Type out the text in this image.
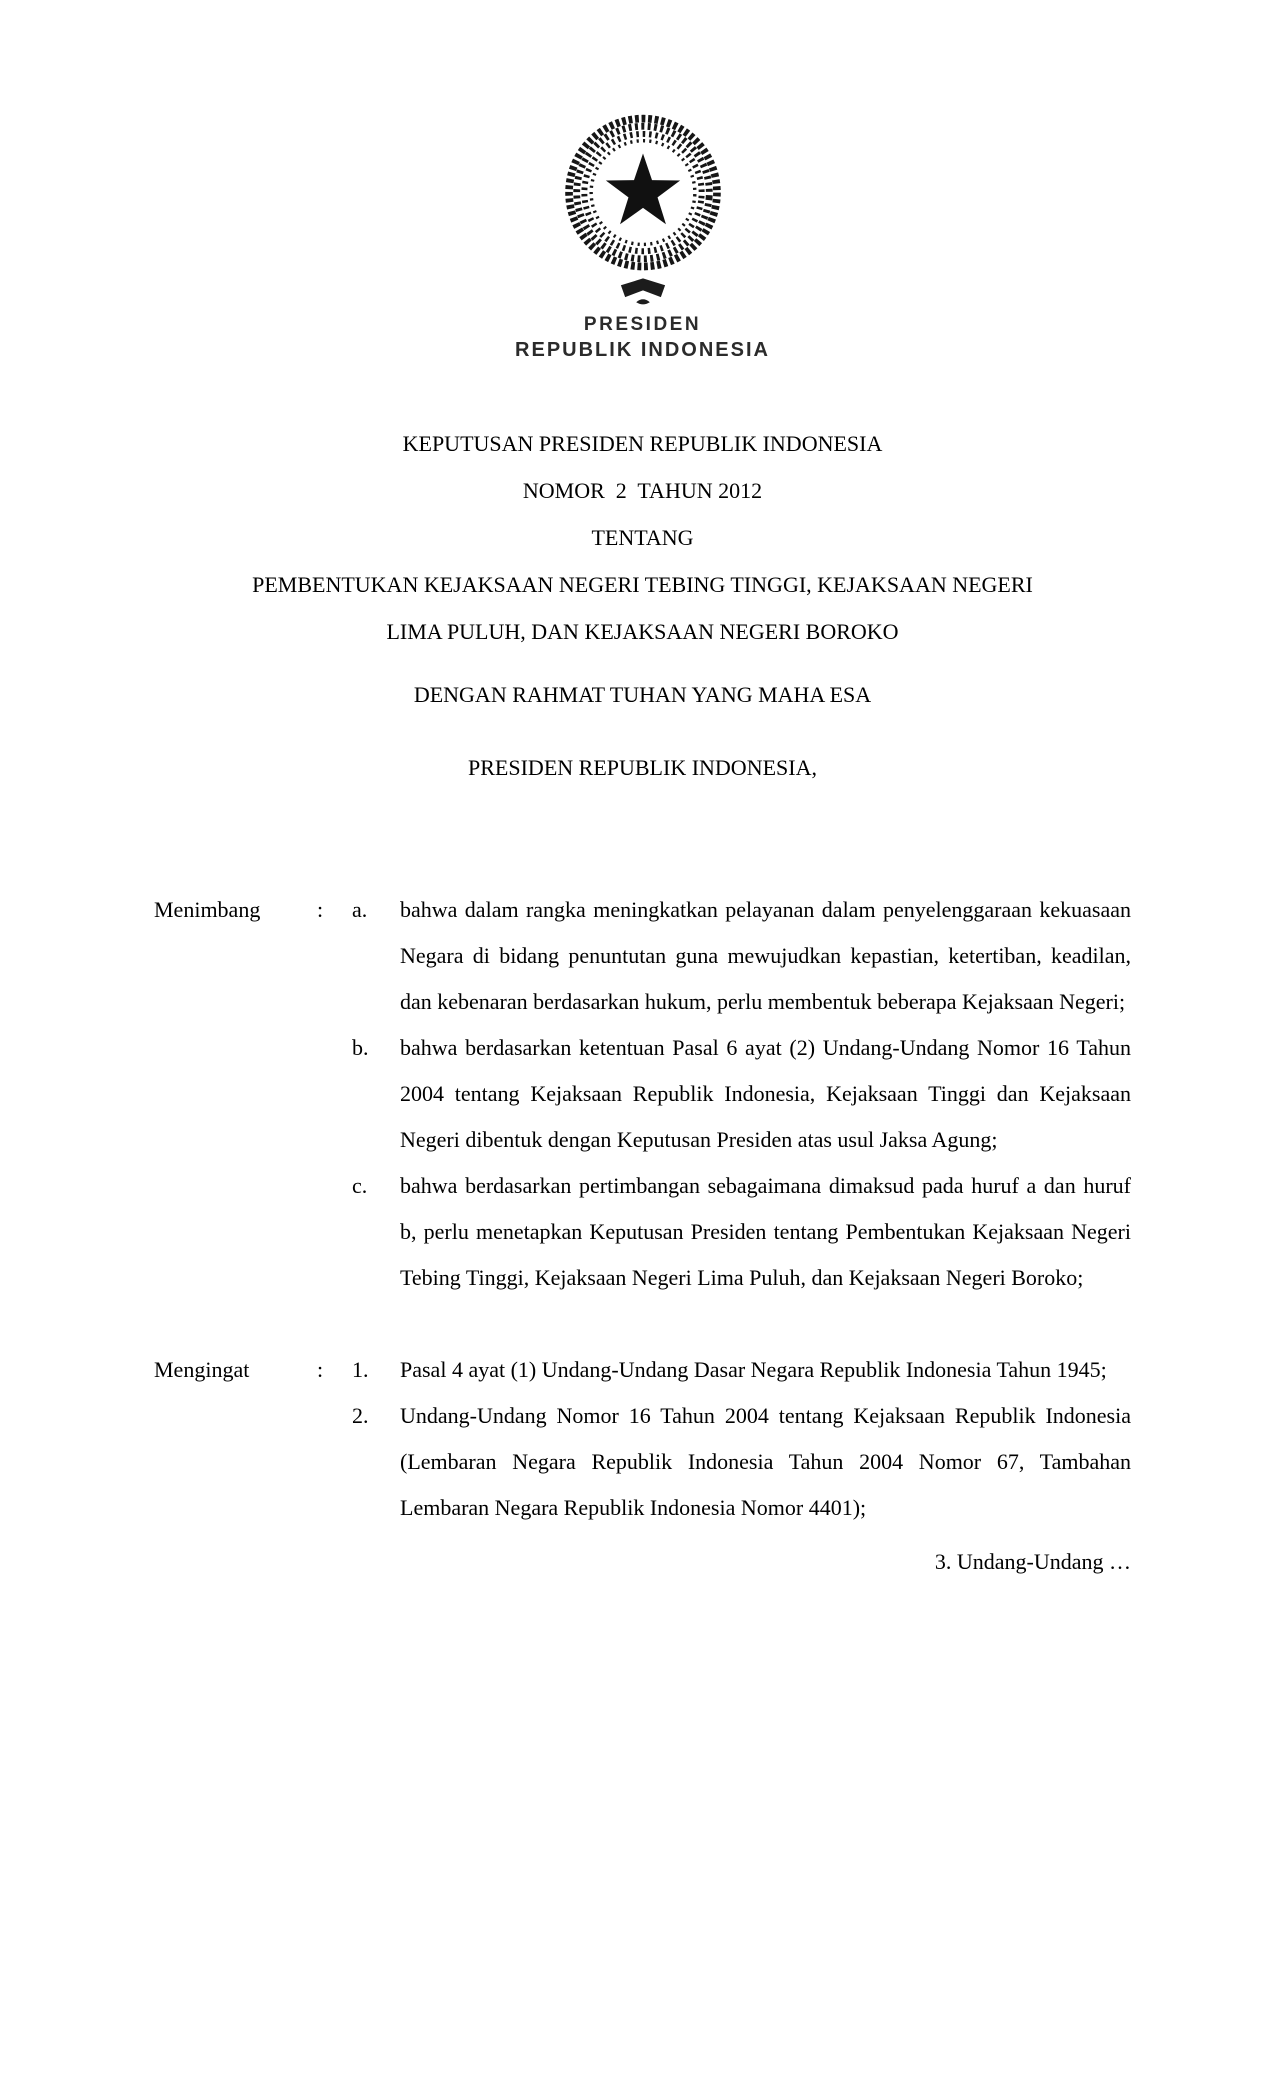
PRESIDEN
REPUBLIK INDONESIA
KEPUTUSAN PRESIDEN REPUBLIK INDONESIA
NOMOR  2  TAHUN 2012
TENTANG
PEMBENTUKAN KEJAKSAAN NEGERI TEBING TINGGI, KEJAKSAAN NEGERI
LIMA PULUH, DAN KEJAKSAAN NEGERI BOROKO
DENGAN RAHMAT TUHAN YANG MAHA ESA
PRESIDEN REPUBLIK INDONESIA,
Menimbang	:	a.	bahwa dalam rangka meningkatkan pelayanan dalam penyelenggaraan kekuasaan Negara di bidang penuntutan guna mewujudkan kepastian, ketertiban, keadilan, dan kebenaran berdasarkan hukum, perlu membentuk beberapa Kejaksaan Negeri;
b.	bahwa berdasarkan ketentuan Pasal 6 ayat (2) Undang-Undang Nomor 16 Tahun 2004 tentang Kejaksaan Republik Indonesia, Kejaksaan Tinggi dan Kejaksaan Negeri dibentuk dengan Keputusan Presiden atas usul Jaksa Agung;
c.	bahwa berdasarkan pertimbangan sebagaimana dimaksud pada huruf a dan huruf b, perlu menetapkan Keputusan Presiden tentang Pembentukan Kejaksaan Negeri Tebing Tinggi, Kejaksaan Negeri Lima Puluh, dan Kejaksaan Negeri Boroko;
Mengingat	:	1.	Pasal 4 ayat (1) Undang-Undang Dasar Negara Republik Indonesia Tahun 1945;
2.	Undang-Undang Nomor 16 Tahun 2004 tentang Kejaksaan Republik Indonesia (Lembaran Negara Republik Indonesia Tahun 2004 Nomor 67, Tambahan Lembaran Negara Republik Indonesia Nomor 4401);
3. Undang-Undang …
